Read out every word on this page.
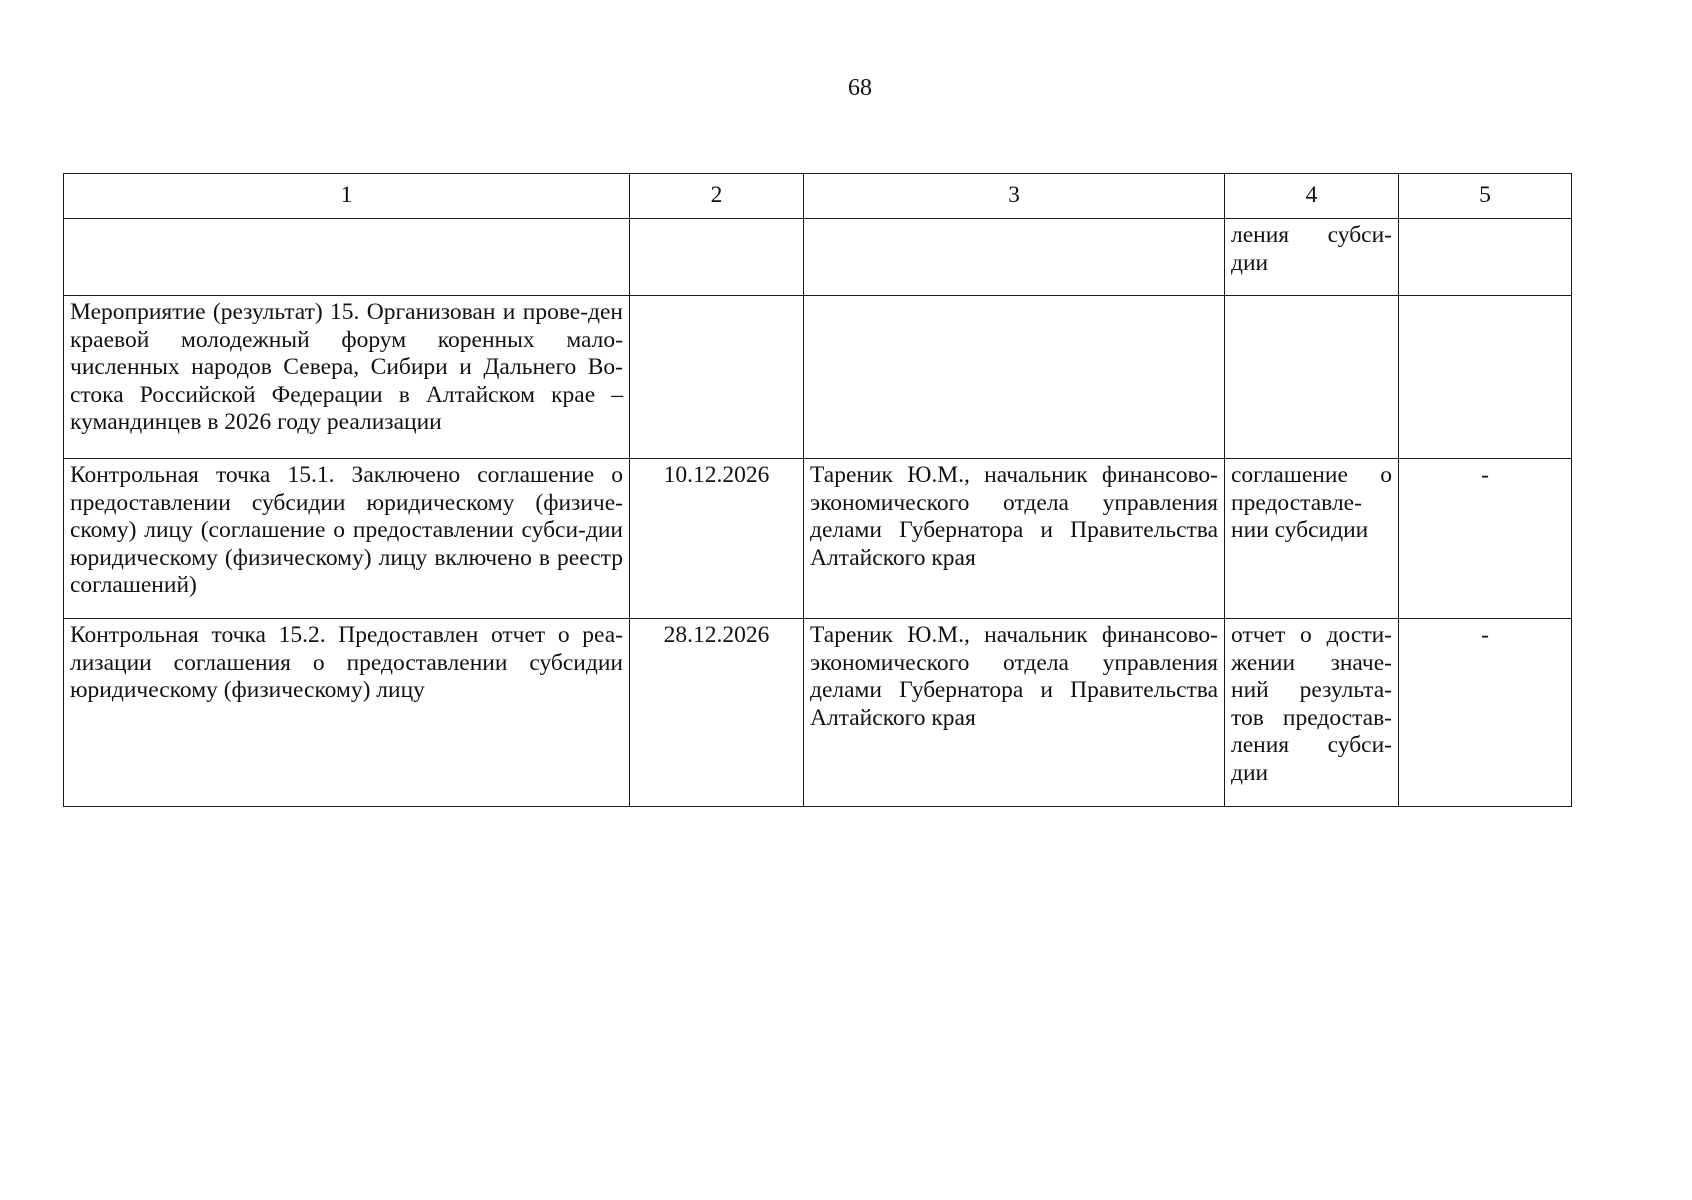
68
1	2	3	4	5
			ления субси-дии	
Мероприятие (результат) 15. Организован и прове-ден краевой молодежный форум коренных мало-численных народов Севера, Сибири и Дальнего Во-стока Российской Федерации в Алтайском крае – кумандинцев в 2026 году реализации				
Контрольная точка 15.1. Заключено соглашение о предоставлении субсидии юридическому (физиче-скому) лицу (соглашение о предоставлении субси-дии юридическому (физическому) лицу включено в реестр соглашений)	10.12.2026	Тареник Ю.М., начальник финансово-экономического отдела управления делами Губернатора и Правительства Алтайского края	соглашение о предоставле-нии субсидии	-
Контрольная точка 15.2. Предоставлен отчет о реа-лизации соглашения о предоставлении субсидии юридическому (физическому) лицу	28.12.2026	Тареник Ю.М., начальник финансово-экономического отдела управления делами Губернатора и Правительства Алтайского края	отчет о дости-жении значе-ний результа-тов предостав-ления субси-дии	-
